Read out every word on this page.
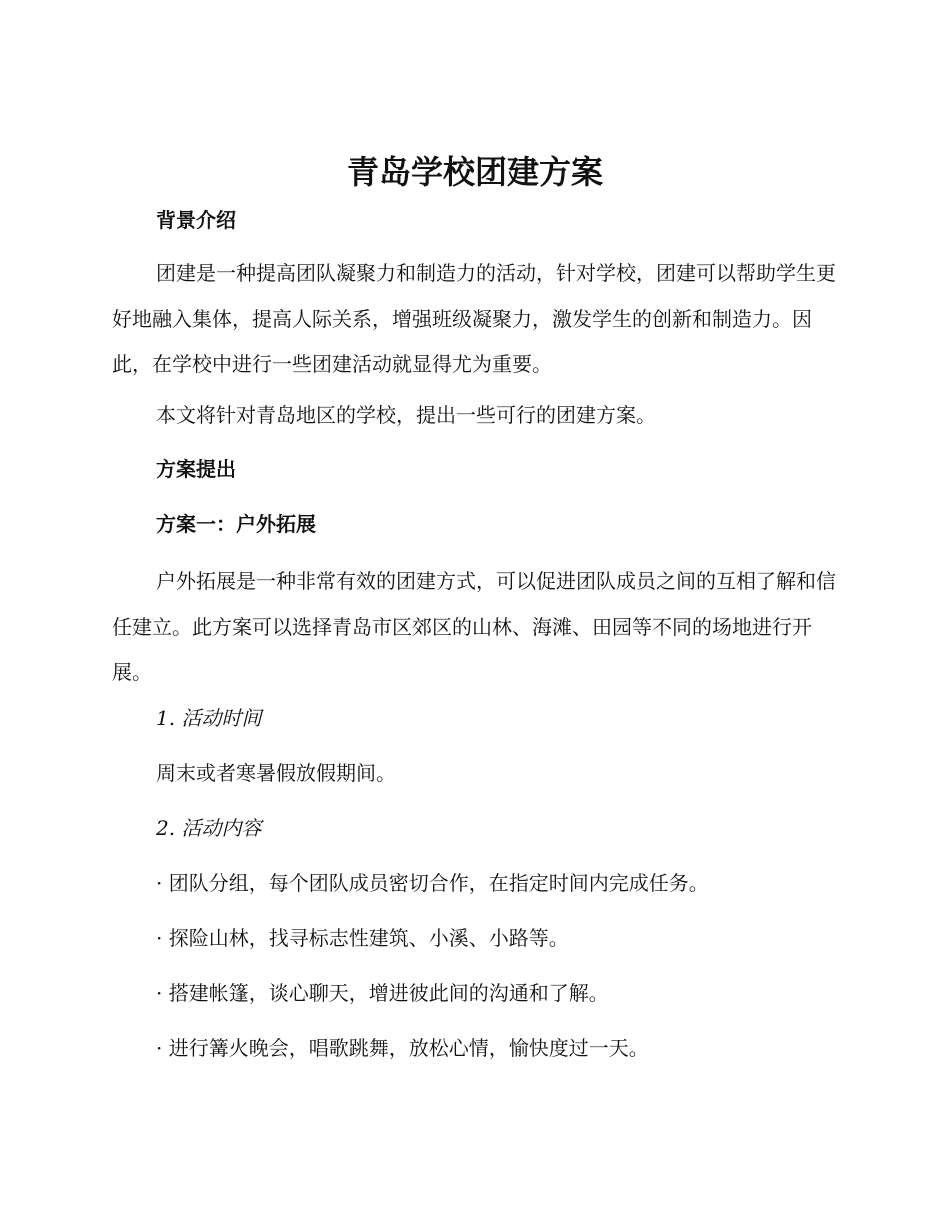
青岛学校团建方案
背景介绍

团建是一种提高团队凝聚力和制造力的活动，针对学校，团建可以帮助学生更好地融入集体，提高人际关系，增强班级凝聚力，激发学生的创新和制造力。因此，在学校中进行一些团建活动就显得尤为重要。

本文将针对青岛地区的学校，提出一些可行的团建方案。
方案提出
方案一：户外拓展

户外拓展是一种非常有效的团建方式，可以促进团队成员之间的互相了解和信任建立。此方案可以选择青岛市区郊区的山林、海滩、田园等不同的场地进行开展。

1. 活动时间
周末或者寒暑假放假期间。
2. 活动内容
· 团队分组，每个团队成员密切合作，在指定时间内完成任务。
· 探险山林，找寻标志性建筑、小溪、小路等。
· 搭建帐篷，谈心聊天，增进彼此间的沟通和了解。
· 进行篝火晚会，唱歌跳舞，放松心情，愉快度过一天。
